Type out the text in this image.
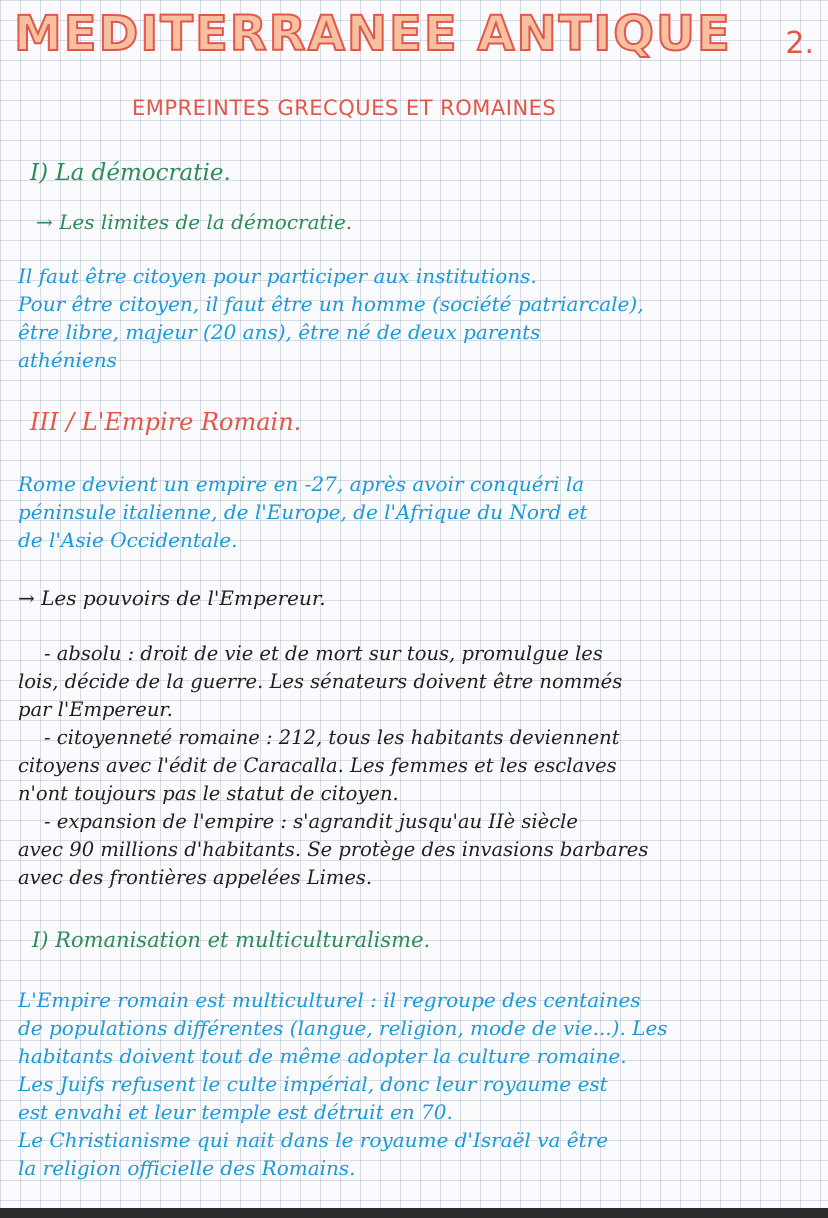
MEDITERRANEE ANTIQUE 2.
EMPREINTES GRECQUES ET ROMAINES
I) La démocratie.
→ Les limites de la démocratie.
Il faut être citoyen pour participer aux institutions.
Pour être citoyen, il faut être un homme (société patriarcale),
être libre, majeur (20 ans), être né de deux parents
athéniens
III / L'Empire Romain.
Rome devient un empire en -27, après avoir conquéri la
péninsule italienne, de l'Europe, de l'Afrique du Nord et
de l'Asie Occidentale.
→ Les pouvoirs de l'Empereur.
- absolu : droit de vie et de mort sur tous, promulgue les
lois, décide de la guerre. Les sénateurs doivent être nommés
par l'Empereur.
- citoyenneté romaine : 212, tous les habitants deviennent
citoyens avec l'édit de Caracalla. Les femmes et les esclaves
n'ont toujours pas le statut de citoyen.
- expansion de l'empire : s'agrandit jusqu'au IIè siècle
avec 90 millions d'habitants. Se protège des invasions barbares
avec des frontières appelées Limes.
I) Romanisation et multiculturalisme.
L'Empire romain est multiculturel : il regroupe des centaines
de populations différentes (langue, religion, mode de vie...). Les
habitants doivent tout de même adopter la culture romaine.
Les Juifs refusent le culte impérial, donc leur royaume est
est envahi et leur temple est détruit en 70.
Le Christianisme qui nait dans le royaume d'Israël va être
la religion officielle des Romains.
